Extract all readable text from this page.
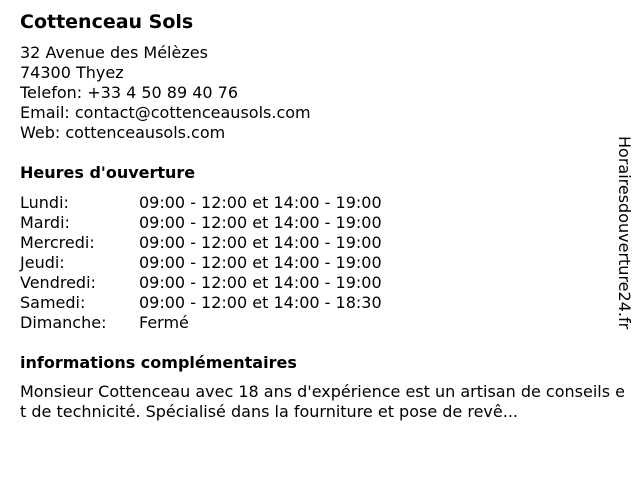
Cottenceau Sols
32 Avenue des Mélèzes
74300 Thyez
Telefon: +33 4 50 89 40 76
Email: contact@cottenceausols.com
Web: cottenceausols.com
Heures d'ouverture
Lundi:	09:00 - 12:00 et 14:00 - 19:00
Mardi:	09:00 - 12:00 et 14:00 - 19:00
Mercredi:	09:00 - 12:00 et 14:00 - 19:00
Jeudi:	09:00 - 12:00 et 14:00 - 19:00
Vendredi:	09:00 - 12:00 et 14:00 - 19:00
Samedi:	09:00 - 12:00 et 14:00 - 18:30
Dimanche:	Fermé
informations complémentaires
Monsieur Cottenceau avec 18 ans d'expérience est un artisan de conseils et de technicité. Spécialisé dans la fourniture et pose de revê...
Horairesdouverture24.fr
